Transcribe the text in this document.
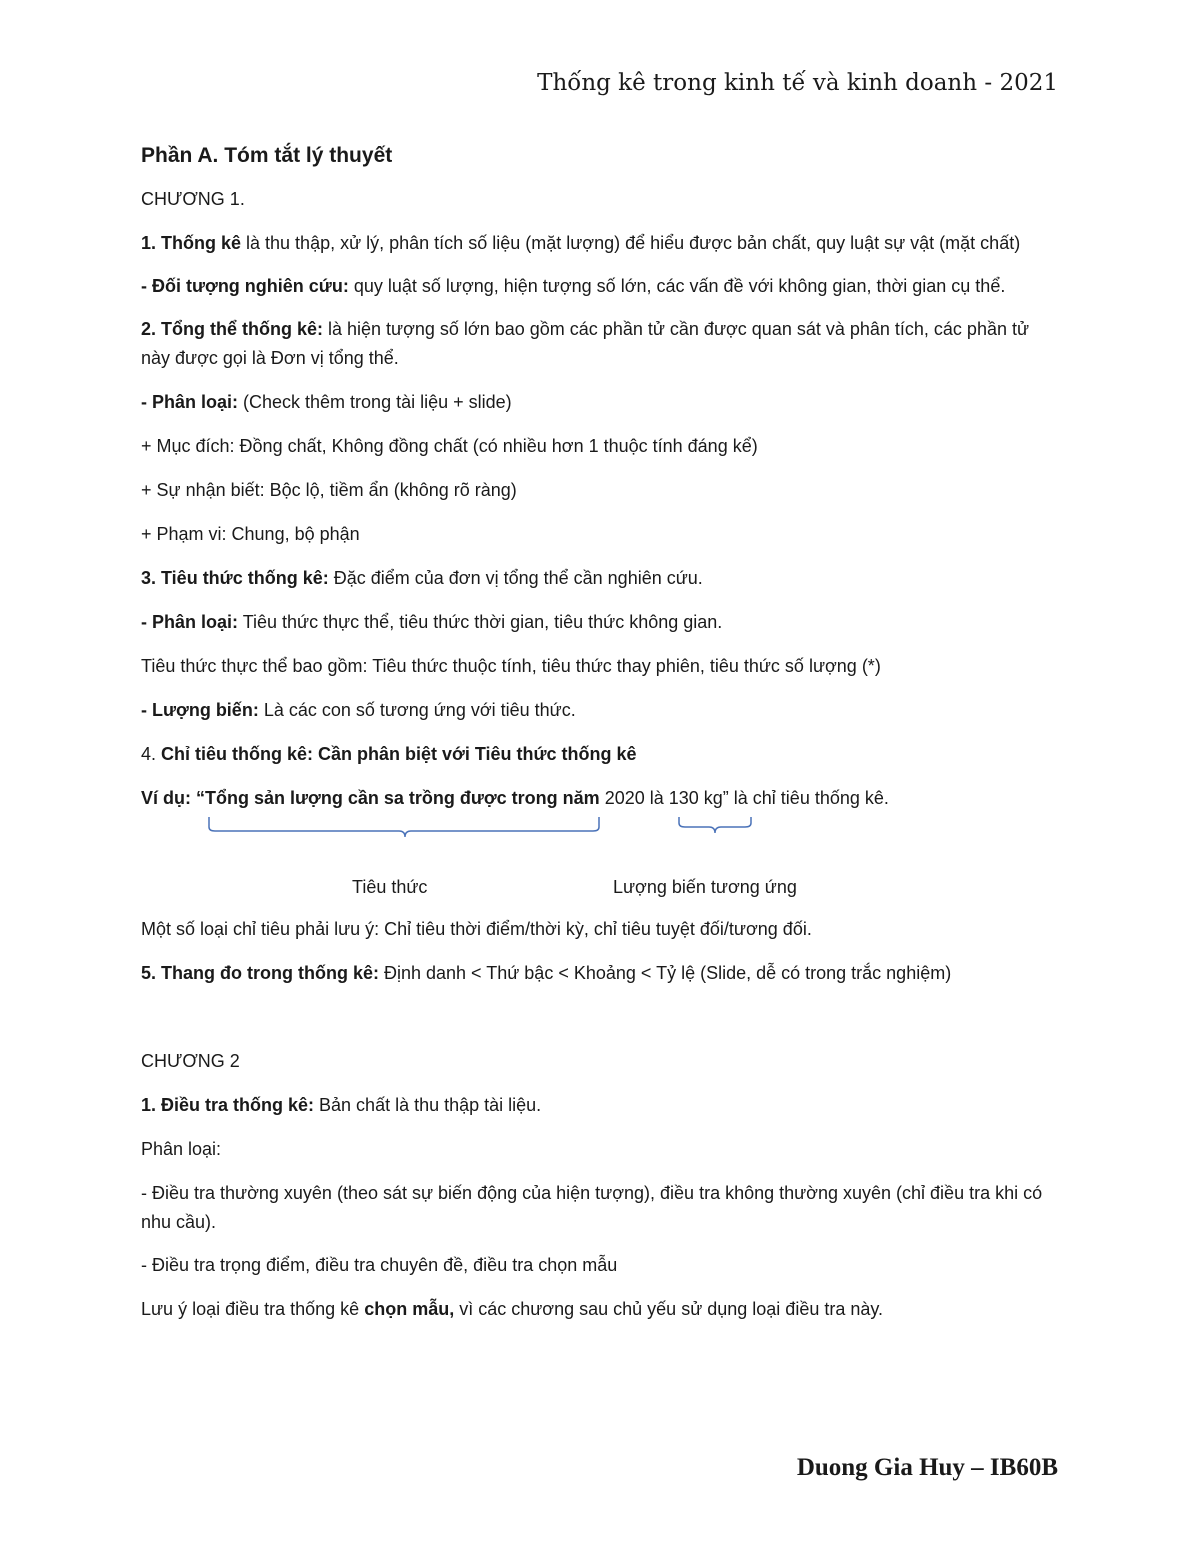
Thống kê trong kinh tế và kinh doanh - 2021

Phần A. Tóm tắt lý thuyết

CHƯƠNG 1.

1. Thống kê là thu thập, xử lý, phân tích số liệu (mặt lượng) để hiểu được bản chất, quy luật sự vật (mặt chất)

- Đối tượng nghiên cứu: quy luật số lượng, hiện tượng số lớn, các vấn đề với không gian, thời gian cụ thể.

2. Tổng thể thống kê: là hiện tượng số lớn bao gồm các phần tử cần được quan sát và phân tích, các phần tử này được gọi là Đơn vị tổng thể.

- Phân loại: (Check thêm trong tài liệu + slide)

+ Mục đích: Đồng chất, Không đồng chất (có nhiều hơn 1 thuộc tính đáng kể)

+ Sự nhận biết: Bộc lộ, tiềm ẩn (không rõ ràng)

+ Phạm vi: Chung, bộ phận

3. Tiêu thức thống kê: Đặc điểm của đơn vị tổng thể cần nghiên cứu.

- Phân loại: Tiêu thức thực thể, tiêu thức thời gian, tiêu thức không gian.

Tiêu thức thực thể bao gồm: Tiêu thức thuộc tính, tiêu thức thay phiên, tiêu thức số lượng (*)

- Lượng biến: Là các con số tương ứng với tiêu thức.

4. Chỉ tiêu thống kê: Cần phân biệt với Tiêu thức thống kê

Ví dụ: “Tổng sản lượng cần sa trồng được trong năm 2020 là 130 kg” là chỉ tiêu thống kê.

Tiêu thức	Lượng biến tương ứng

Một số loại chỉ tiêu phải lưu ý: Chỉ tiêu thời điểm/thời kỳ, chỉ tiêu tuyệt đối/tương đối.

5. Thang đo trong thống kê: Định danh < Thứ bậc < Khoảng < Tỷ lệ (Slide, dễ có trong trắc nghiệm)

CHƯƠNG 2

1. Điều tra thống kê: Bản chất là thu thập tài liệu.

Phân loại:

- Điều tra thường xuyên (theo sát sự biến động của hiện tượng), điều tra không thường xuyên (chỉ điều tra khi có nhu cầu).

- Điều tra trọng điểm, điều tra chuyên đề, điều tra chọn mẫu

Lưu ý loại điều tra thống kê chọn mẫu, vì các chương sau chủ yếu sử dụng loại điều tra này.

Duong Gia Huy – IB60B
